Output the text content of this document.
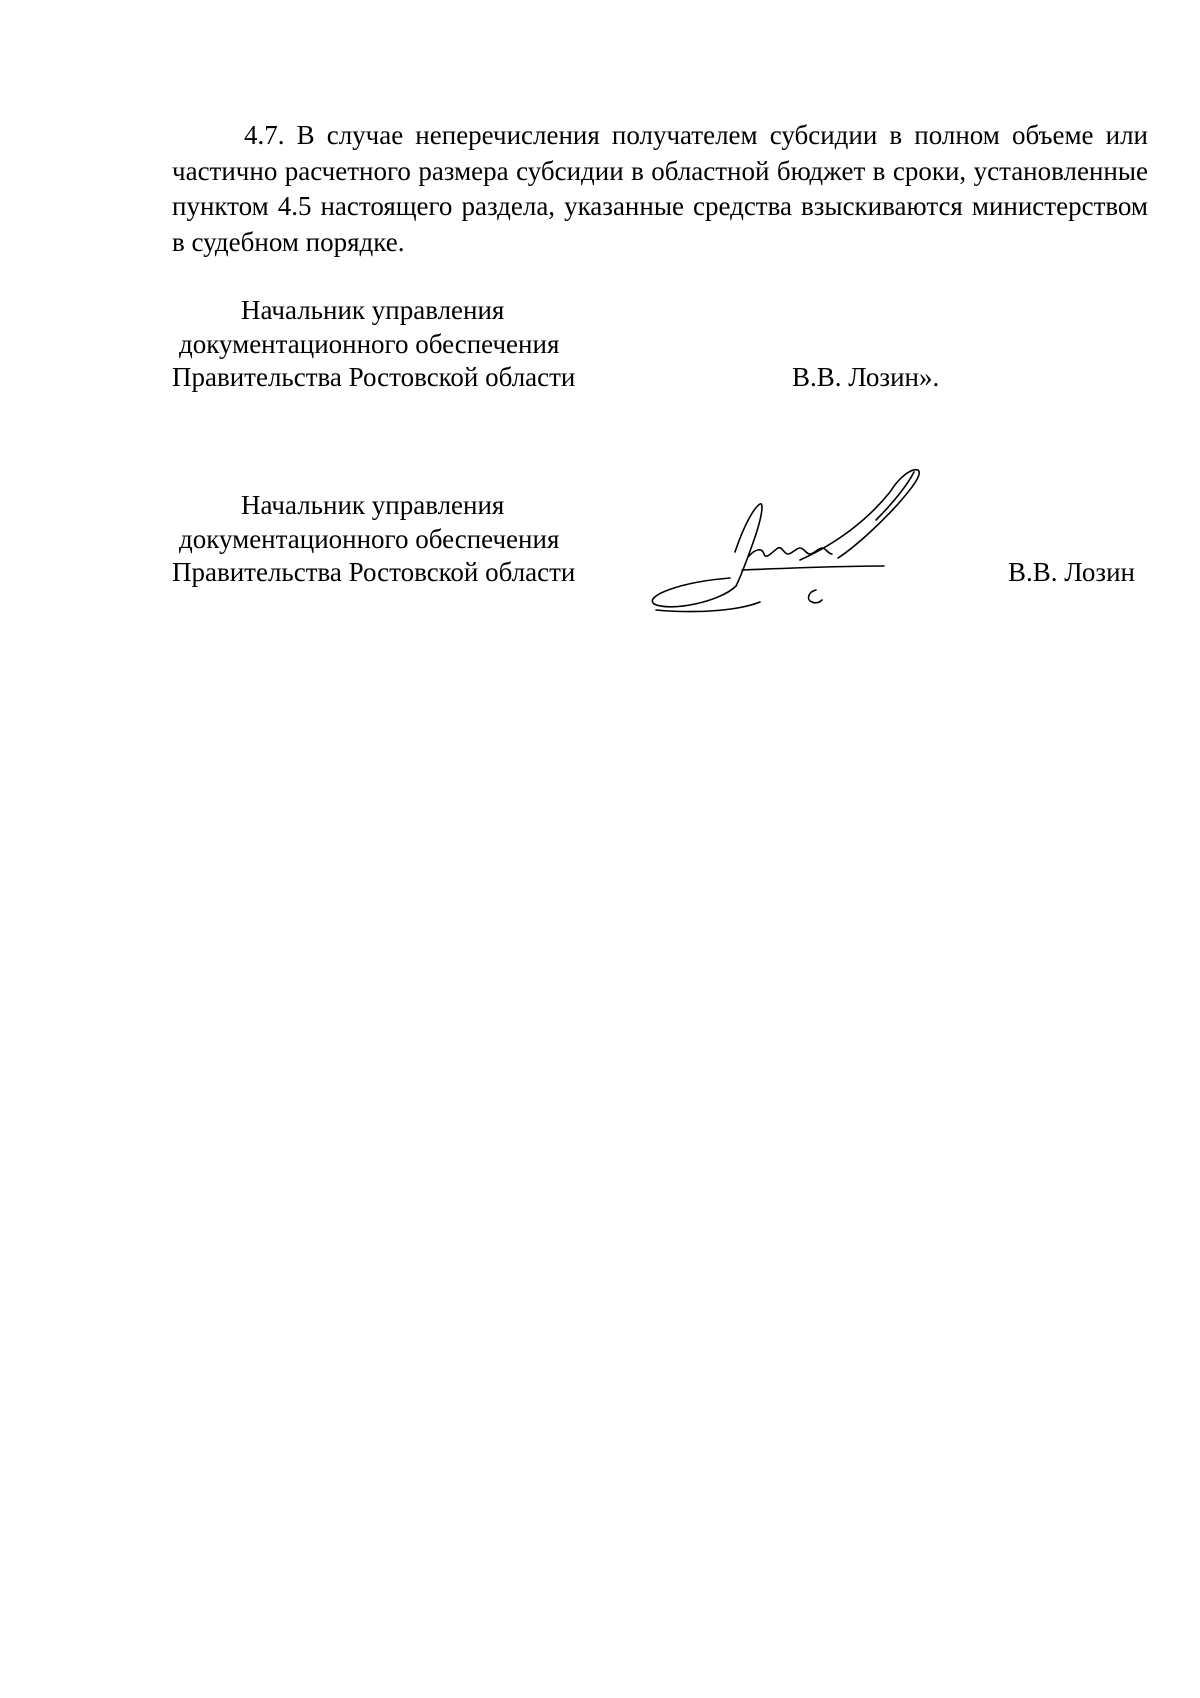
4.7. В случае неперечисления получателем субсидии в полном объеме или частично расчетного размера субсидии в областной бюджет в сроки, установленные пунктом 4.5 настоящего раздела, указанные средства взыскиваются министерством в судебном порядке.

Начальник управления
документационного обеспечения
Правительства Ростовской области	В.В. Лозин».
Начальник управления
документационного обеспечения
Правительства Ростовской области	В.В. Лозин
